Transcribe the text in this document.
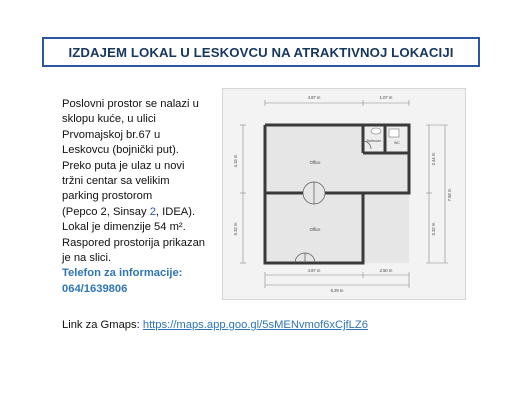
IZDAJEM LOKAL U LESKOVCU NA ATRAKTIVNOJ LOKACIJI
Poslovni prostor se nalazi u
sklopu kuće, u ulici
Prvomajskoj br.67 u
Leskovcu (bojnički put).
Preko puta je ulaz u novi
tržni centar sa velikim
parking prostorom
(Pepco 2, Sinsay 2, IDEA).
Lokal je dimenzije 54 m².
Raspored prostorija prikazan
je na slici.
Telefon za informacije:
064/1639806
4.87 m	1.07 m
4.87 m	2.50 m
6.29 m
4.15 m
5.32 m
2.44 m
5.32 m
7.58 m
Office
Office
Bathroom	WC
Link za Gmaps: https://maps.app.goo.gl/5sMENvmof6xCjfLZ6
